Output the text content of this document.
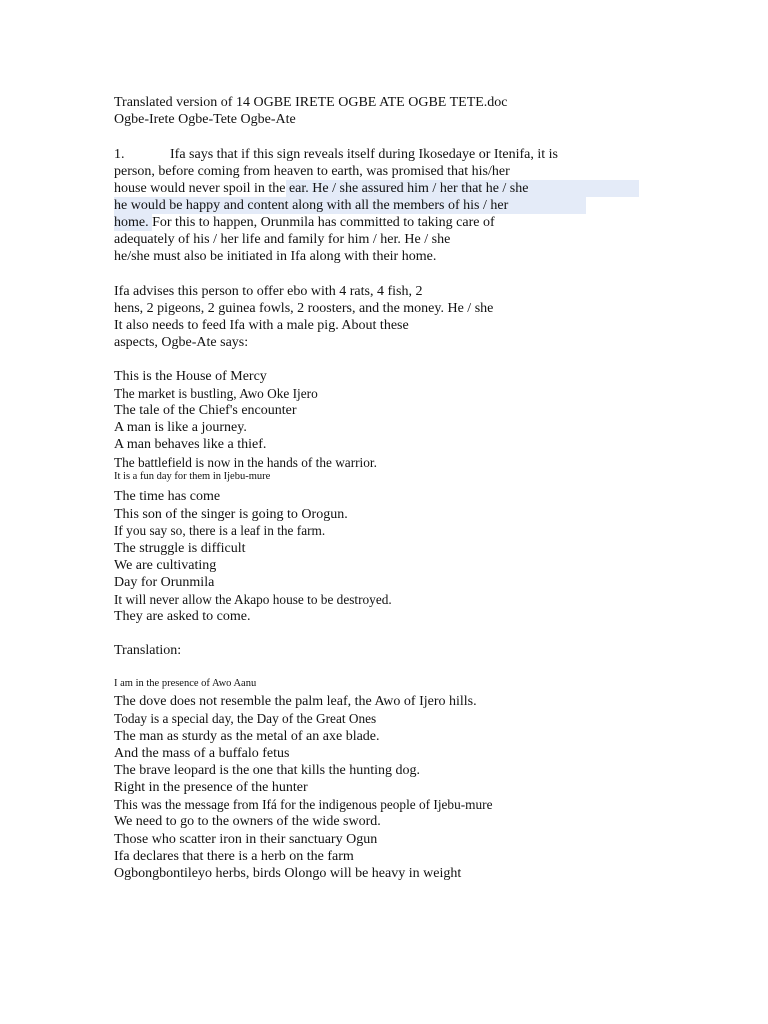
Translated version of 14 OGBE IRETE OGBE ATE OGBE TETE.doc
Ogbe-Irete Ogbe-Tete Ogbe-Ate
1.	Ifa says that if this sign reveals itself during Ikosedaye or Itenifa, it is
person, before coming from heaven to earth, was promised that his/her
house would never spoil in the ear. He / she assured him / her that he / she
he would be happy and content along with all the members of his / her
home. For this to happen, Orunmila has committed to taking care of
adequately of his / her life and family for him / her. He / she
he/she must also be initiated in Ifa along with their home.
Ifa advises this person to offer ebo with 4 rats, 4 fish, 2
hens, 2 pigeons, 2 guinea fowls, 2 roosters, and the money. He / she
It also needs to feed Ifa with a male pig. About these
aspects, Ogbe-Ate says:
This is the House of Mercy
The market is bustling, Awo Oke Ijero
The tale of the Chief's encounter
A man is like a journey.
A man behaves like a thief.
The battlefield is now in the hands of the warrior.
It is a fun day for them in Ijebu-mure
The time has come
This son of the singer is going to Orogun.
If you say so, there is a leaf in the farm.
The struggle is difficult
We are cultivating
Day for Orunmila
It will never allow the Akapo house to be destroyed.
They are asked to come.
Translation:
I am in the presence of Awo Aanu
The dove does not resemble the palm leaf, the Awo of Ijero hills.
Today is a special day, the Day of the Great Ones
The man as sturdy as the metal of an axe blade.
And the mass of a buffalo fetus
The brave leopard is the one that kills the hunting dog.
Right in the presence of the hunter
This was the message from Ifá for the indigenous people of Ijebu-mure
We need to go to the owners of the wide sword.
Those who scatter iron in their sanctuary Ogun
Ifa declares that there is a herb on the farm
Ogbongbontileyo herbs, birds Olongo will be heavy in weight
